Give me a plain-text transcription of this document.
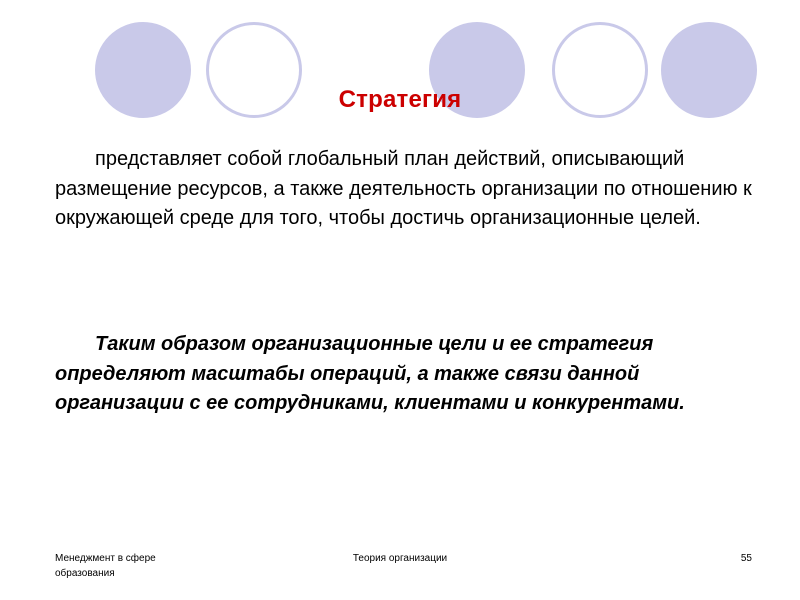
Стратегия
представляет собой глобальный план действий, описывающий размещение ресурсов, а также деятельность организации по отношению к окружающей среде для того, чтобы достичь организационные целей.
Таким образом организационные цели и ее стратегия определяют масштабы операций, а также связи данной организации с ее сотрудниками, клиентами и конкурентами.
Менеджмент в сфере образования
Теория организации	55
